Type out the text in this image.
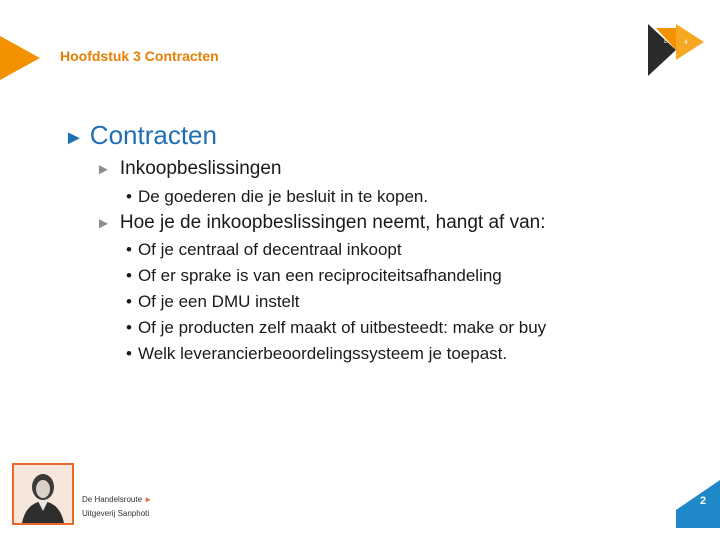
Hoofdstuk 3 Contracten
L	4
► Contracten
► Inkoopbeslissingen
• De goederen die je besluit in te kopen.
► Hoe je de inkoopbeslissingen neemt, hangt af van:
• Of je centraal of decentraal inkoopt
• Of er sprake is van een reciprociteitsafhandeling
• Of je een DMU instelt
• Of je producten zelf maakt of uitbesteedt: make or buy
• Welk leverancierbeoordelingssysteem je toepast.
De Handelsroute ►
Uitgeverij Sanphoti
2
